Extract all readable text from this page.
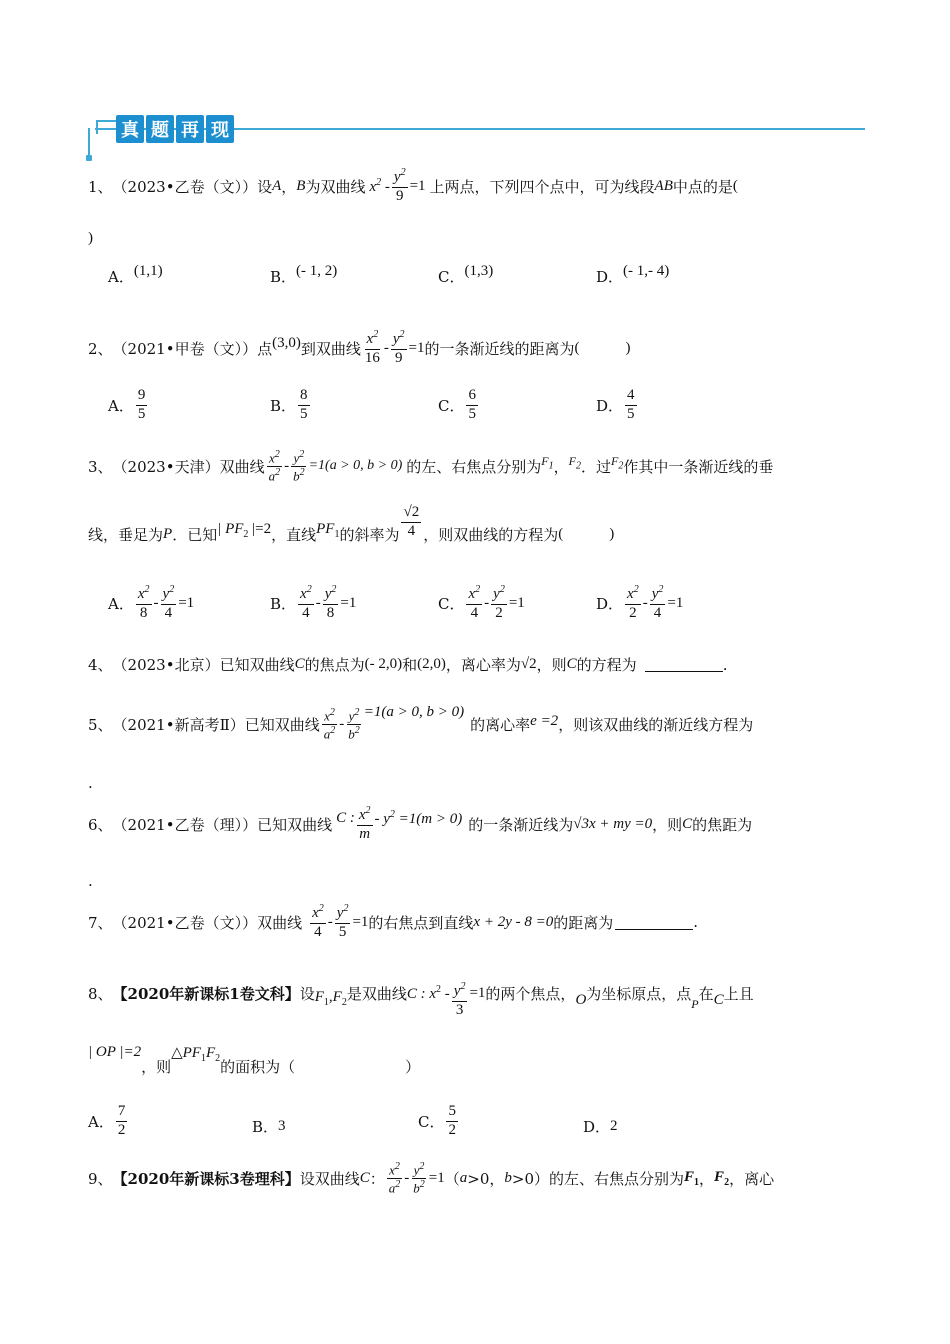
真 题 再 现
1、 （2023•乙卷（文）） 设 A ， B 为双曲线 $x^2 - \frac{y^2}{9} =1$ 上两点，下列四个点中，可为线段 AB 中点的是 (
)
A． (1,1)	B． (- 1, 2)	C． (1,3)	D． (- 1,- 4)
2、 （2021•甲卷（文）） 点 (3,0) 到双曲线 $\frac{x^2}{16} - \frac{y^2}{9} =1$ 的一条渐近线的距离为 (	)
A． $\frac{9}{5}$	B． $\frac{8}{5}$	C． $\frac{6}{5}$	D． $\frac{4}{5}$
3、 （2023•天津） 双曲线 $\frac{x^2}{a^2} - \frac{y^2}{b^2} =1(a > 0$, b > 0) 的左、右焦点分别为 $F_1$ ， $F_2$ ．过 $F_2$ 作其中一条渐近线的垂
线，垂足为 P ．已知 | $PF_2$ |=2 ，直线 $PF_1$ 的斜率为 $\frac{√2}{4}$ ，则双曲线的方程为 (	)
A． $\frac{x^2}{8} - \frac{y^2}{4} =1$	B． $\frac{x^2}{4} - \frac{y^2}{8} =1$	C． $\frac{x^2}{4} - \frac{y^2}{2} =1$	D． $\frac{x^2}{2} - \frac{y^2}{4} =1$
4、 （2023•北京） 已知双曲线 C 的焦点为 (- 2,0) 和 (2,0) ，离心率为 √2 ，则 C 的方程为	.
5、 （2021•新高考Ⅱ） 已知双曲线 $\frac{x^2}{a^2} - \frac{y^2}{b^2} =1(a > 0$, b > 0)
的离心率 e =2 ，则该双曲线的渐近线方程为
.
6、 （2021•乙卷（理）） 已知双曲线 C : $\frac{x^2}{m} - y^2 =1(m > 0)$ 的一条渐近线为 √3x + my =0 ，则 C 的焦距为
.
7、 （2021•乙卷（文）） 双曲线 $\frac{x^2}{4} - \frac{y^2}{5} =1$ 的右焦点到直线 x + 2y - 8 =0 的距离为	.
8、 【2020年新课标1卷文科】 设 $F_1,F_2$ 是双曲线 C : $x^2 - \frac{y^2}{3} =1$ 的两个焦点， O 为坐标原点，点
P
在 C 上且
| OP |=2
，则
$\triangle PF_1F_2$ 的面积为（	）
A． $\frac{7}{2}$	B． 3	C． $\frac{5}{2}$	D． 2
9、 【2020年新课标3卷理科】 设双曲线 C ： $\frac{x^2}{a^2} - \frac{y^2}{b^2} =1$ （ a >0， b >0）的左、右焦点分别为 $F_1$ ， $F_2$ ，离心
